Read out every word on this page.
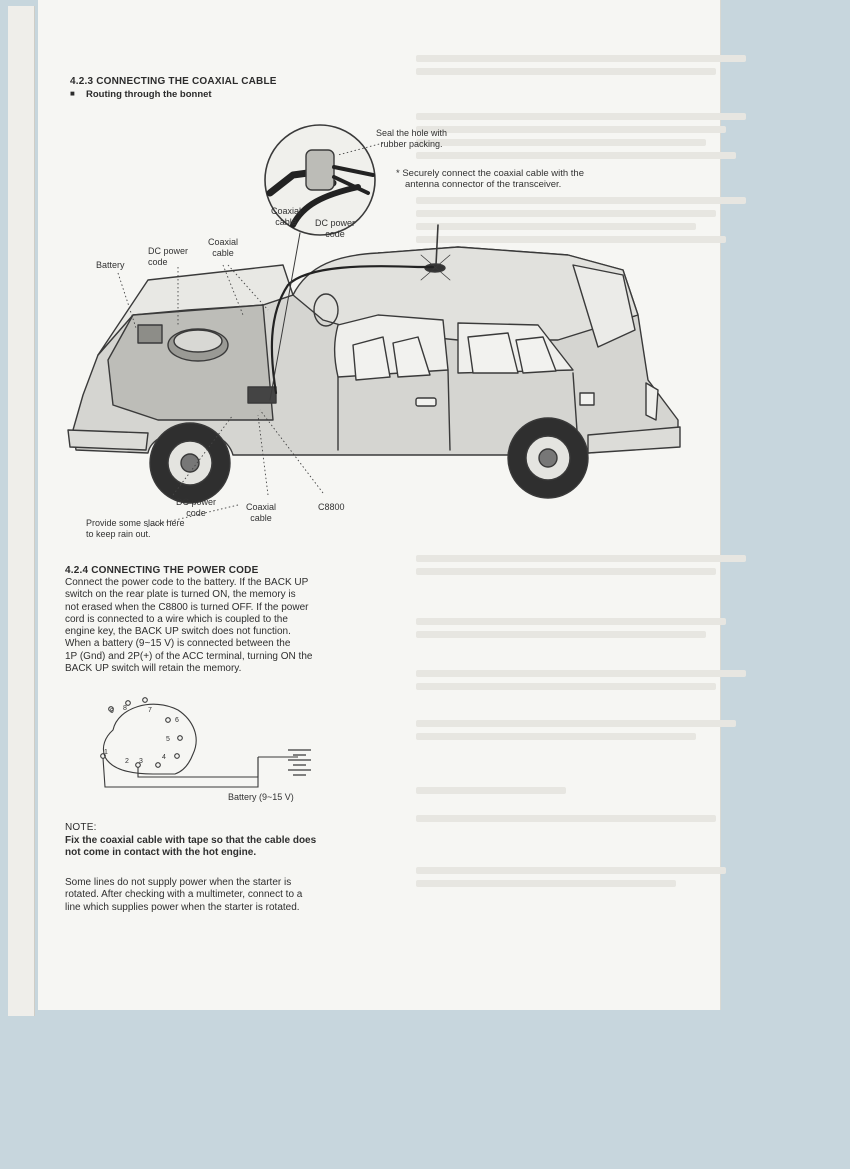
4.2.3 CONNECTING THE COAXIAL CABLE

■ Routing through the bonnet

Seal the hole with
rubber packing.

* Securely connect the coaxial cable with the
antenna connector of the transceiver.

Coaxial
cable	DC power
code

Coaxial
cable

DC power
code

Battery

DC power
code

Coaxial
cable

C8800

Provide some slack here
to keep rain out.

4.2.4 CONNECTING THE POWER CODE

Connect the power code to the battery. If the BACK UP
switch on the rear plate is turned ON, the memory is
not erased when the C8800 is turned OFF. If the power
cord is connected to a wire which is coupled to the
engine key, the BACK UP switch does not function.
When a battery (9~15 V) is connected between the
1P (Gnd) and 2P(+) of the ACC terminal, turning ON the
BACK UP switch will retain the memory.
9 8	7
6
5
4
3
2
1

Battery (9~15 V)

NOTE:

Fix the coaxial cable with tape so that the cable does
not come in contact with the hot engine.
Some lines do not supply power when the starter is
rotated. After checking with a multimeter, connect to a
line which supplies power when the starter is rotated.
